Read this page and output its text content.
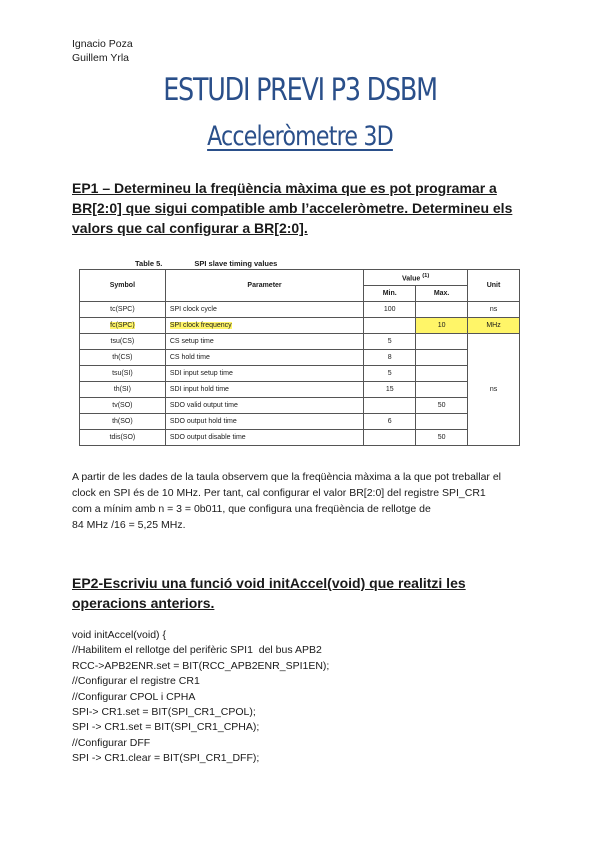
Ignacio Poza
Guillem Yrla
ESTUDI PREVI P3 DSBM
Acceleròmetre 3D
EP1 – Determineu la freqüència màxima que es pot programar a BR[2:0] que sigui compatible amb l’acceleròmetre. Determineu els valors que cal configurar a BR[2:0].
Table 5.	SPI slave timing values
Symbol	Parameter	Value $^{(1)}$		Unit
		Min.	Max.	
tc(SPC)	SPI clock cycle	100		ns
fc(SPC)	SPI clock frequency		10	MHz
tsu(CS)	CS setup time	5		ns
th(CS)	CS hold time	8		
tsu(SI)	SDI input setup time	5		
th(SI)	SDI input hold time	15		
tv(SO)	SDO valid output time		50	
th(SO)	SDO output hold time	6		
tdis(SO)	SDO output disable time		50	
A partir de les dades de la taula observem que la freqüència màxima a la que pot treballar el
clock en SPI és de 10 MHz. Per tant, cal configurar el valor BR[2:0] del registre SPI_CR1
com a mínim amb n = 3 = 0b011, que configura una freqüència de rellotge de
84 MHz /16 = 5,25 MHz.
EP2-Escriviu una funció void initAccel(void) que realitzi les operacions anteriors.
void initAccel(void) {
//Habilitem el rellotge del perifèric SPI1  del bus APB2
RCC->APB2ENR.set = BIT(RCC_APB2ENR_SPI1EN);
//Configurar el registre CR1
//Configurar CPOL i CPHA
SPI-> CR1.set = BIT(SPI_CR1_CPOL);
SPI -> CR1.set = BIT(SPI_CR1_CPHA);
//Configurar DFF
SPI -> CR1.clear = BIT(SPI_CR1_DFF);
